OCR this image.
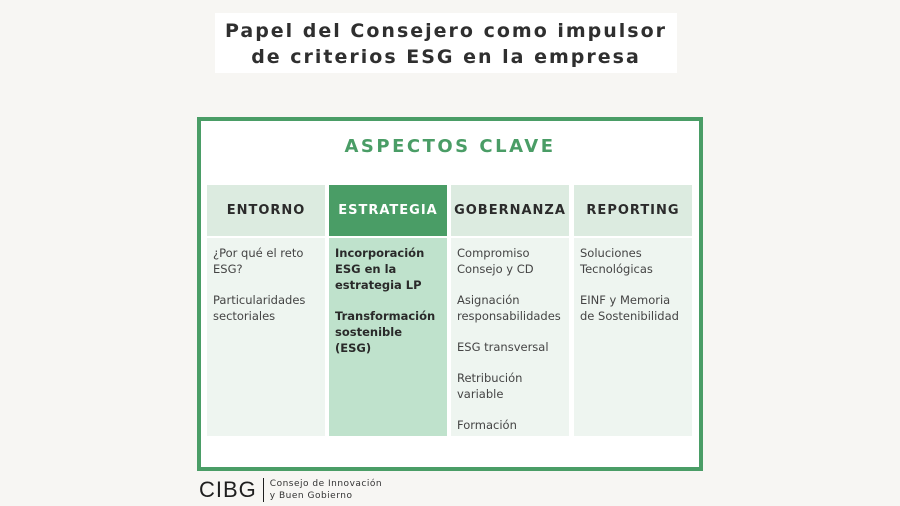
Papel del Consejero como impulsor
de criterios ESG en la empresa
ASPECTOS CLAVE
ENTORNO
¿Por qué el reto ESG?
Particularidades sectoriales
ESTRATEGIA
Incorporación ESG en la estrategia LP
Transformación sostenible (ESG)
GOBERNANZA
Compromiso Consejo y CD
Asignación responsabilidades
ESG transversal
Retribución variable
Formación
REPORTING
Soluciones Tecnológicas
EINF y Memoria de Sostenibilidad
CIBG Consejo de Innovación
y Buen Gobierno
